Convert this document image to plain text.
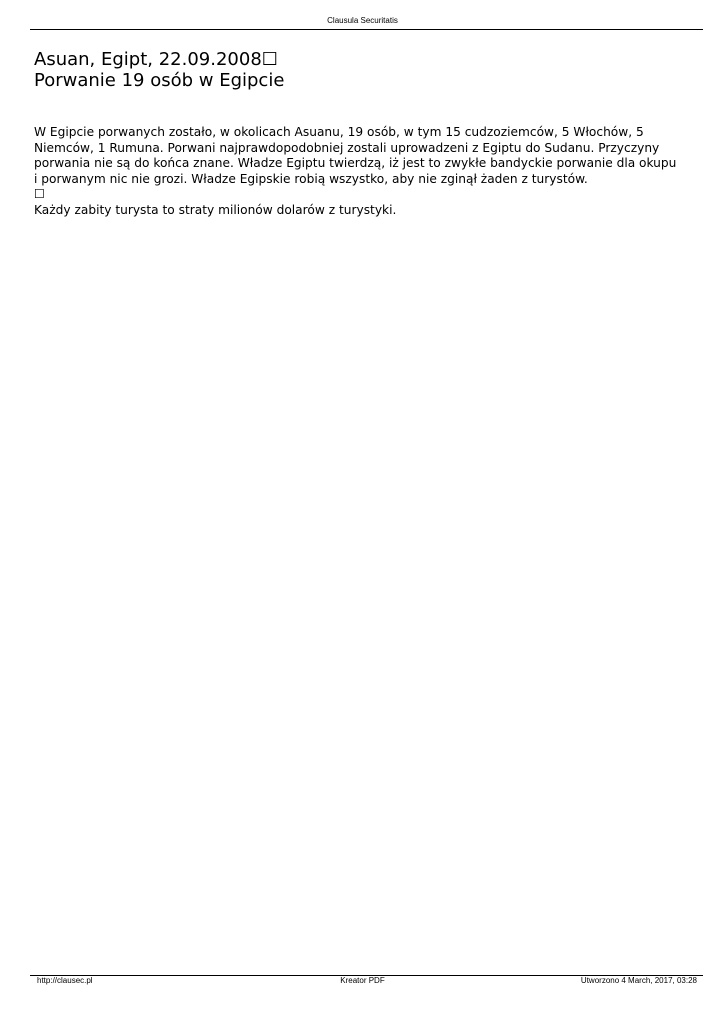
Clausula Securitatis
Asuan, Egipt, 22.09.2008☐
Porwanie 19 osób w Egipcie
W Egipcie porwanych zostało, w okolicach Asuanu, 19 osób, w tym 15 cudzoziemców, 5 Włochów, 5
Niemców, 1 Rumuna. Porwani najprawdopodobniej zostali uprowadzeni z Egiptu do Sudanu. Przyczyny
porwania nie są do końca znane. Władze Egiptu twierdzą, iż jest to zwykłe bandyckie porwanie dla okupu
i porwanym nic nie grozi. Władze Egipskie robią wszystko, aby nie zginął żaden z turystów.
☐
Każdy zabity turysta to straty milionów dolarów z turystyki.
http://clausec.pl	Kreator PDF	Utworzono 4 March, 2017, 03:28
